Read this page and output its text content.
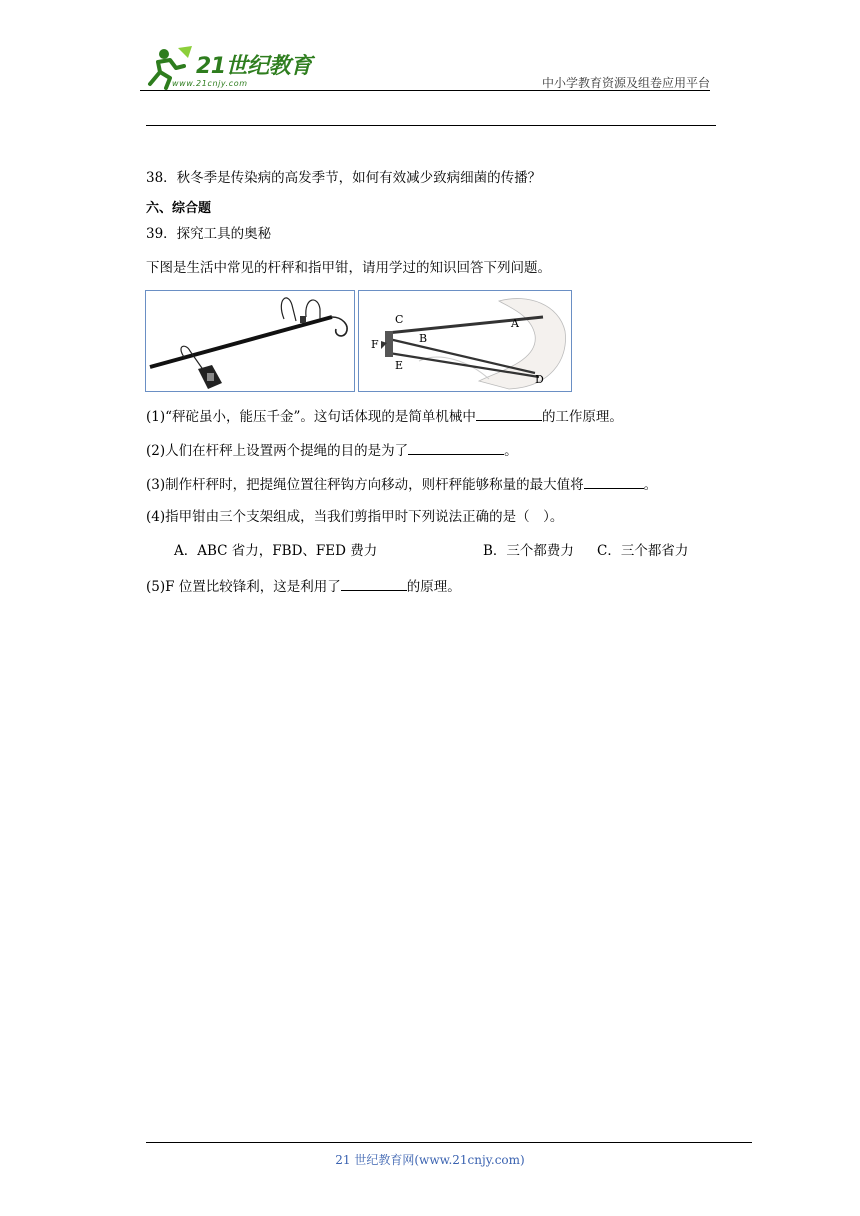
21世纪教育
www.21cnjy.com	中小学教育资源及组卷应用平台
38．秋冬季是传染病的高发季节，如何有效减少致病细菌的传播？
六、综合题
39．探究工具的奥秘
下图是生活中常见的杆秤和指甲钳，请用学过的知识回答下列问题。
C	A
B
F
E
D
(1)“秤砣虽小，能压千金”。这句话体现的是简单机械中	的工作原理。
(2)人们在杆秤上设置两个提绳的目的是为了	。
(3)制作杆秤时，把提绳位置往秤钩方向移动，则杆秤能够称量的最大值将	。
(4)指甲钳由三个支架组成，当我们剪指甲时下列说法正确的是（　）。
A．ABC 省力，FBD、FED 费力	B．三个都费力 C．三个都省力
(5)F 位置比较锋利，这是利用了	的原理。
21 世纪教育网(www.21cnjy.com)
